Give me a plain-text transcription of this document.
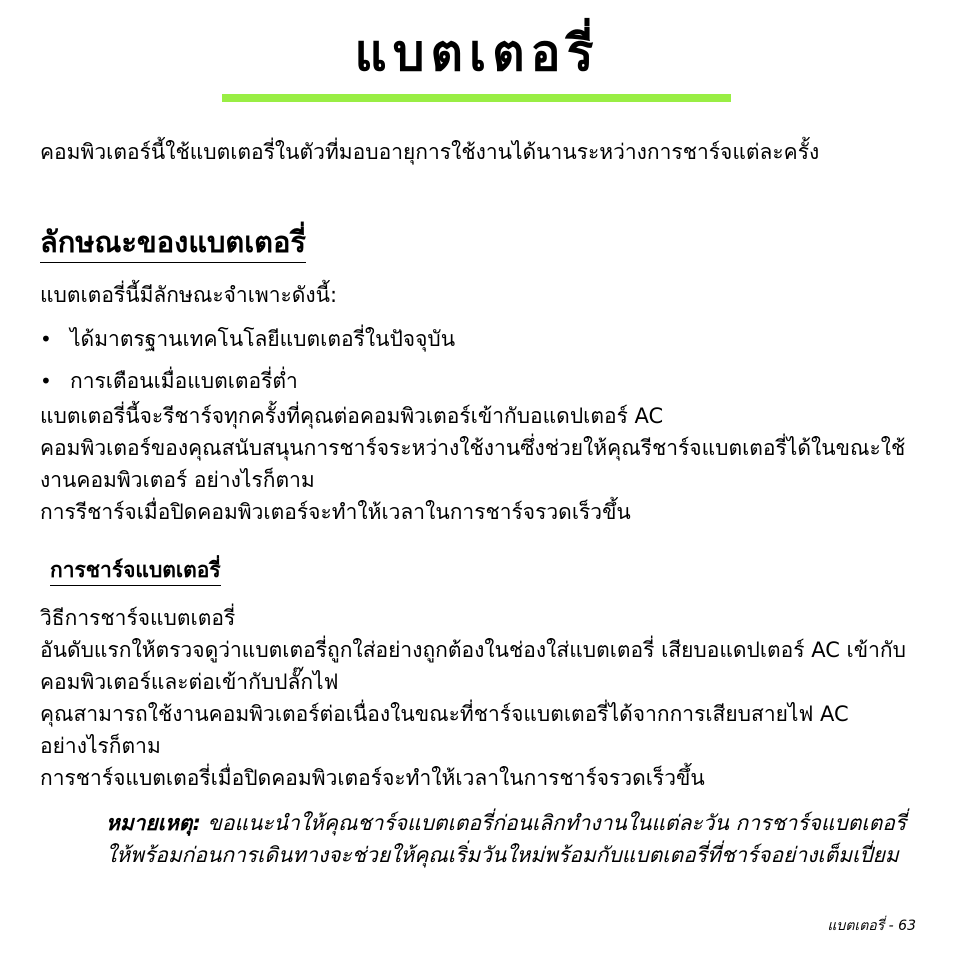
แบตเตอรี่

คอมพิวเตอร์นี้ใช้แบตเตอรี่ในตัวที่มอบอายุการใช้งานได้นานระหว่างการชาร์จแต่ละครั้ง

ลักษณะของแบตเตอรี่

แบตเตอรี่นี้มีลักษณะจำเพาะดังนี้:

• ได้มาตรฐานเทคโนโลยีแบตเตอรี่ในปัจจุบัน
• การเตือนเมื่อแบตเตอรี่ต่ำ

แบตเตอรี่นี้จะรีชาร์จทุกครั้งที่คุณต่อคอมพิวเตอร์เข้ากับอแดปเตอร์ AC

คอมพิวเตอร์ของคุณสนับสนุนการชาร์จระหว่างใช้งานซึ่งช่วยให้คุณรีชาร์จแบตเตอรี่ได้ในขณะใช้งานคอมพิวเตอร์ อย่างไรก็ตาม

การรีชาร์จเมื่อปิดคอมพิวเตอร์จะทำให้เวลาในการชาร์จรวดเร็วขึ้น

การชาร์จแบตเตอรี่

วิธีการชาร์จแบตเตอรี่

อันดับแรกให้ตรวจดูว่าแบตเตอรี่ถูกใส่อย่างถูกต้องในช่องใส่แบตเตอรี่ เสียบอแดปเตอร์ AC เข้ากับคอมพิวเตอร์และต่อเข้ากับปลั๊กไฟ

คุณสามารถใช้งานคอมพิวเตอร์ต่อเนื่องในขณะที่ชาร์จแบตเตอรี่ได้จากการเสียบสายไฟ AC อย่างไรก็ตาม

การชาร์จแบตเตอรี่เมื่อปิดคอมพิวเตอร์จะทำให้เวลาในการชาร์จรวดเร็วขึ้น

หมายเหตุ: ขอแนะนำให้คุณชาร์จแบตเตอรี่ก่อนเลิกทำงานในแต่ละวัน การชาร์จแบตเตอรี่ให้พร้อมก่อนการเดินทางจะช่วยให้คุณเริ่มวันใหม่พร้อมกับแบตเตอรี่ที่ชาร์จอย่างเต็มเปี่ยม
แบตเตอรี่ - 63
